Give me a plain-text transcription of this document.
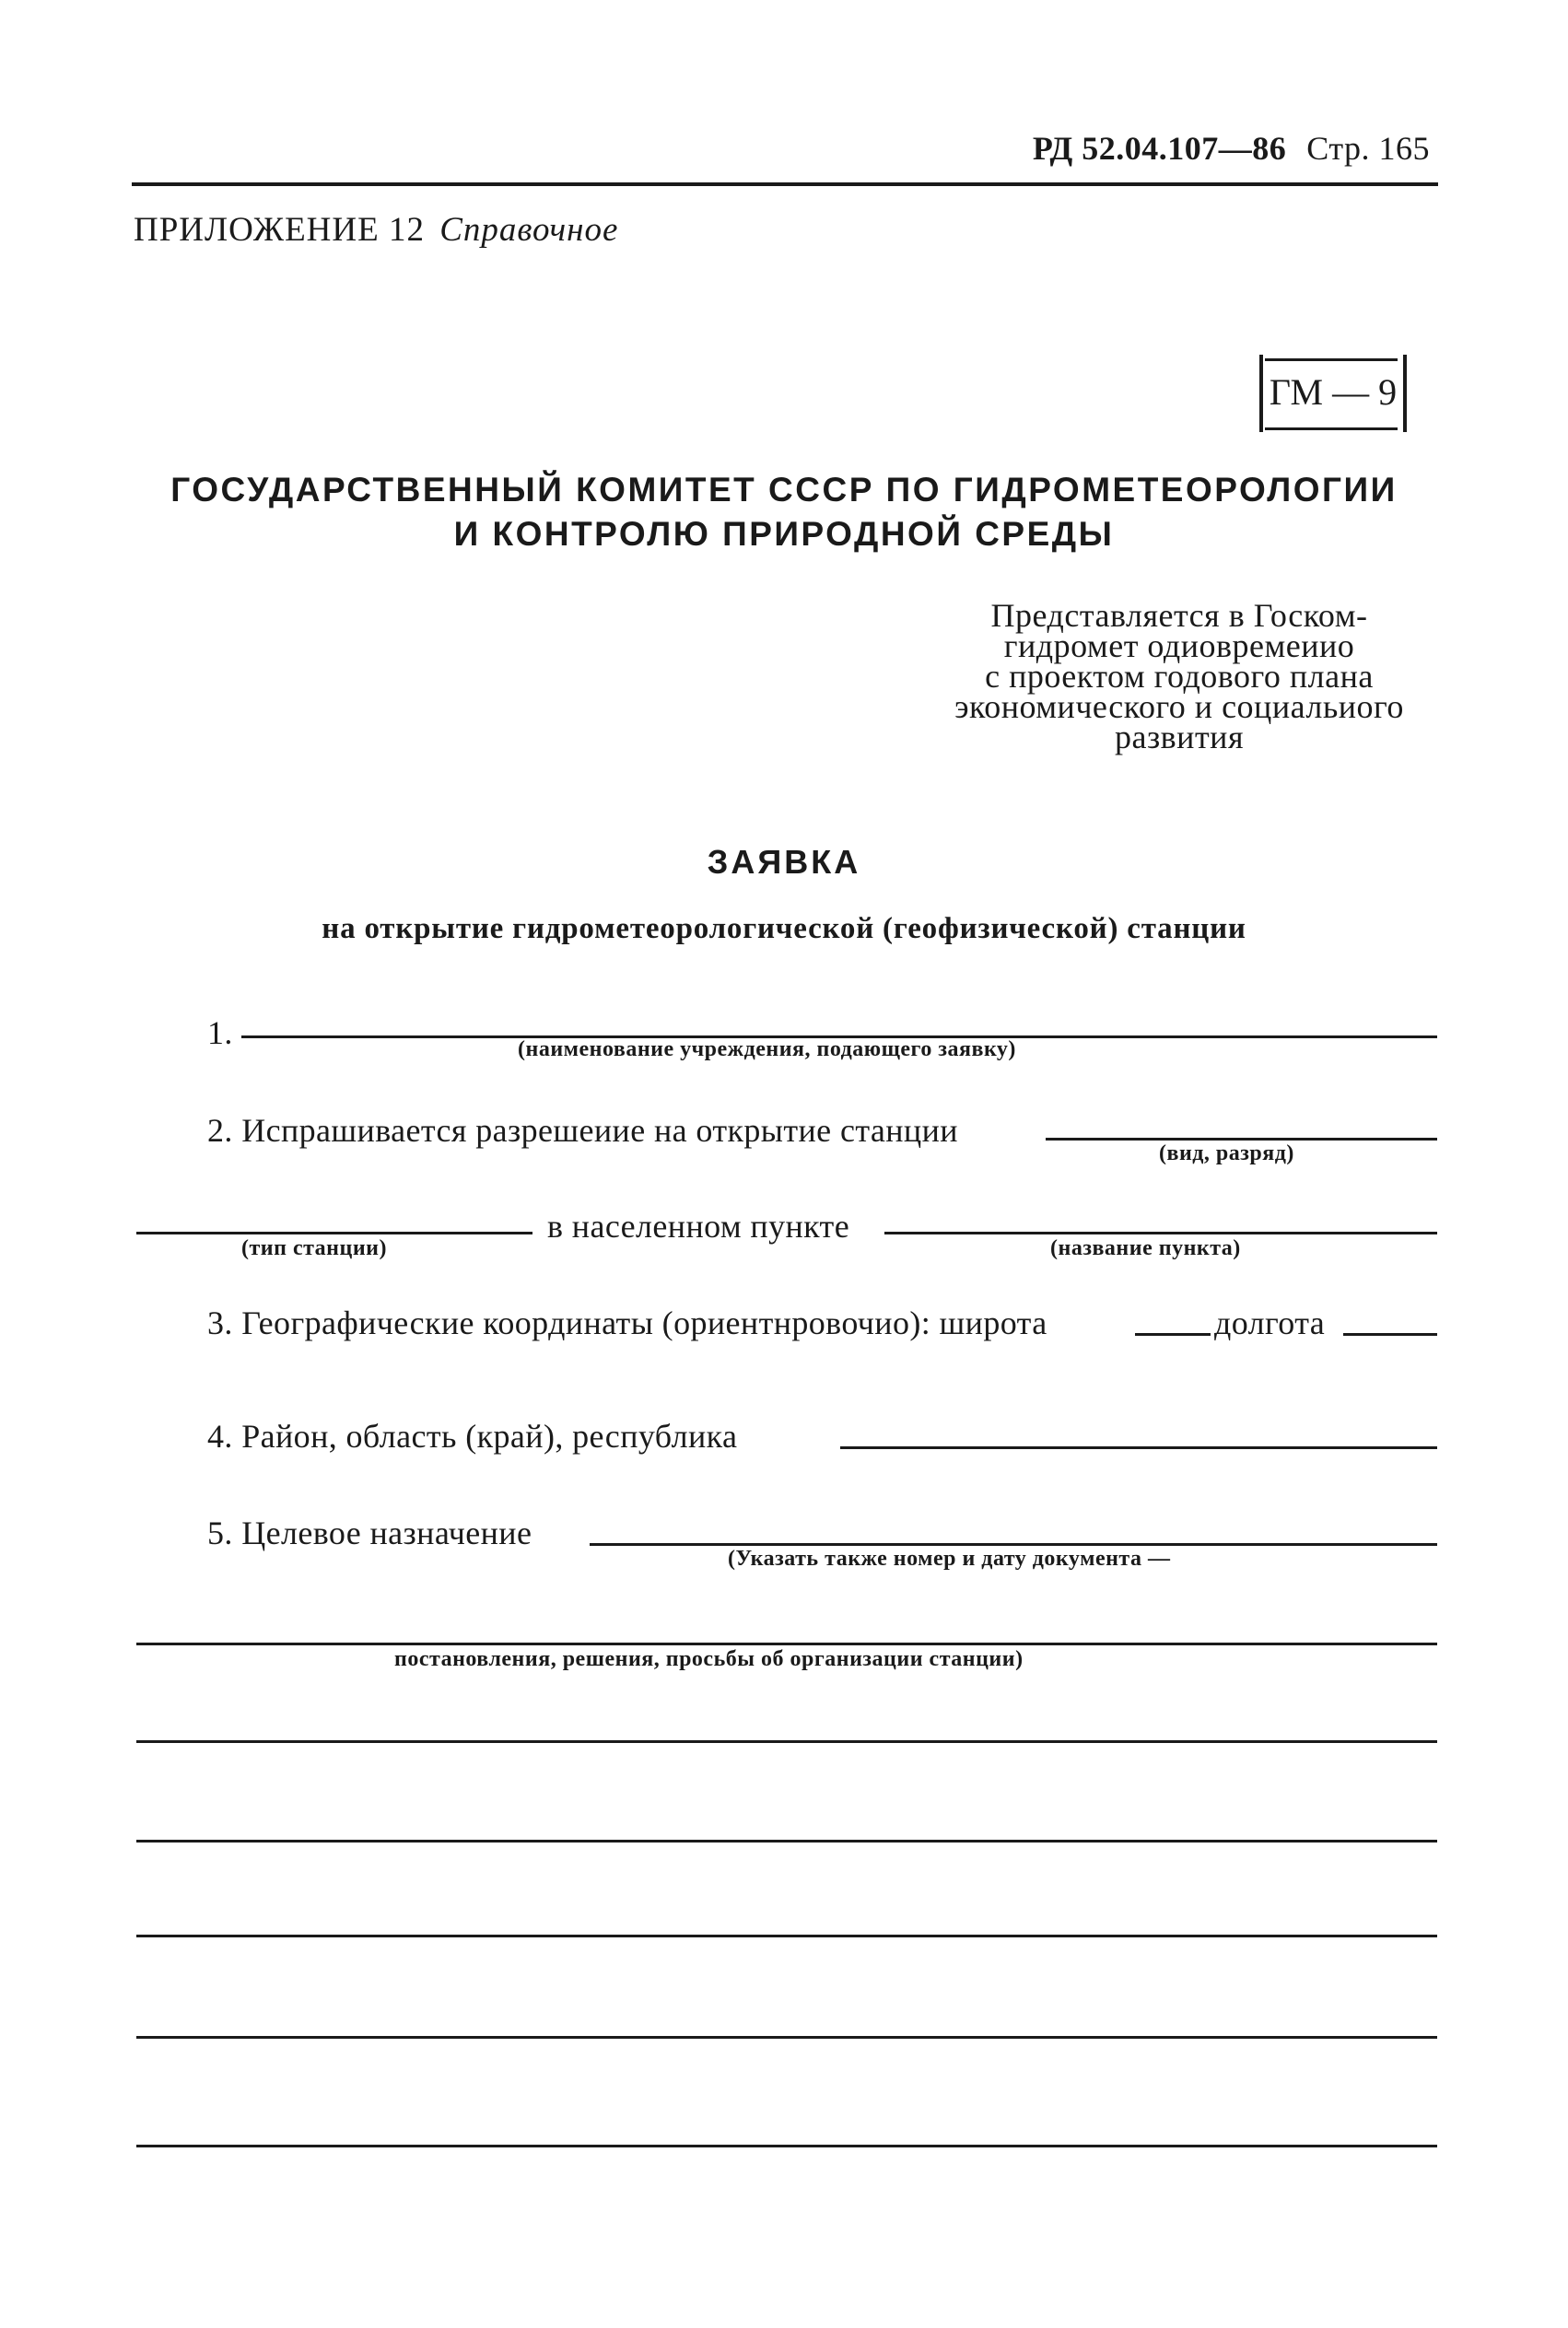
РД 52.04.107—86 Стр. 165
ПРИЛОЖЕНИЕ 12 Справочное
ГМ — 9
ГОСУДАРСТВЕННЫЙ КОМИТЕТ СССР ПО ГИДРОМЕТЕОРОЛОГИИ
И КОНТРОЛЮ ПРИРОДНОЙ СРЕДЫ
Представляется в Госком-
гидромет одиовремеиио
с проектом годового плана
экономического и социальиого
развития
ЗАЯВКА
на открытие гидрометеорологической (геофизической) станции
1.	(наименование учреждения, подающего заявку)
2. Испрашивается разрешеиие на открытие станции
(вид, разряд)
(тип станции)
в населенном пункте
(название пункта)
3. Географические координаты (ориентнровочио): широта	долгота
4. Район, область (край), республика
5. Целевое назначение
(Указать также номер и дату документа —
постановления, решения, просьбы об организации станции)
